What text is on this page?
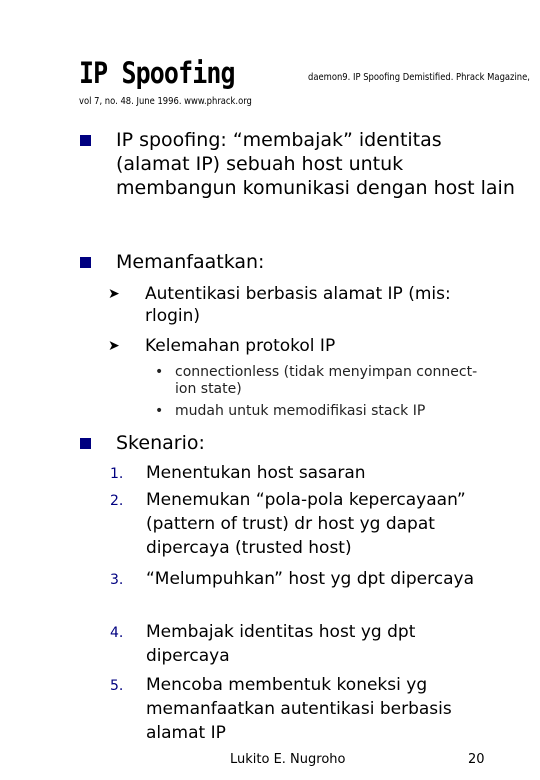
IP Spoofing	daemon9. IP Spoofing Demistified. Phrack Magazine,
vol 7, no. 48. June 1996. www.phrack.org
IP spoofing: “membajak” identitas (alamat IP) sebuah host untuk membangun komunikasi dengan host lain
Memanfaatkan:
➤ Autentikasi berbasis alamat IP (mis: rlogin)
➤ Kelemahan protokol IP
• connectionless (tidak menyimpan connect-ion state)
• mudah untuk memodifikasi stack IP
Skenario:
1. Menentukan host sasaran
2. Menemukan “pola-pola kepercayaan” (pattern of trust) dr host yg dapat dipercaya (trusted host)
3. “Melumpuhkan” host yg dpt dipercaya
4. Membajak identitas host yg dpt dipercaya
5. Mencoba membentuk koneksi yg memanfaatkan autentikasi berbasis alamat IP
Lukito E. Nugroho	20
